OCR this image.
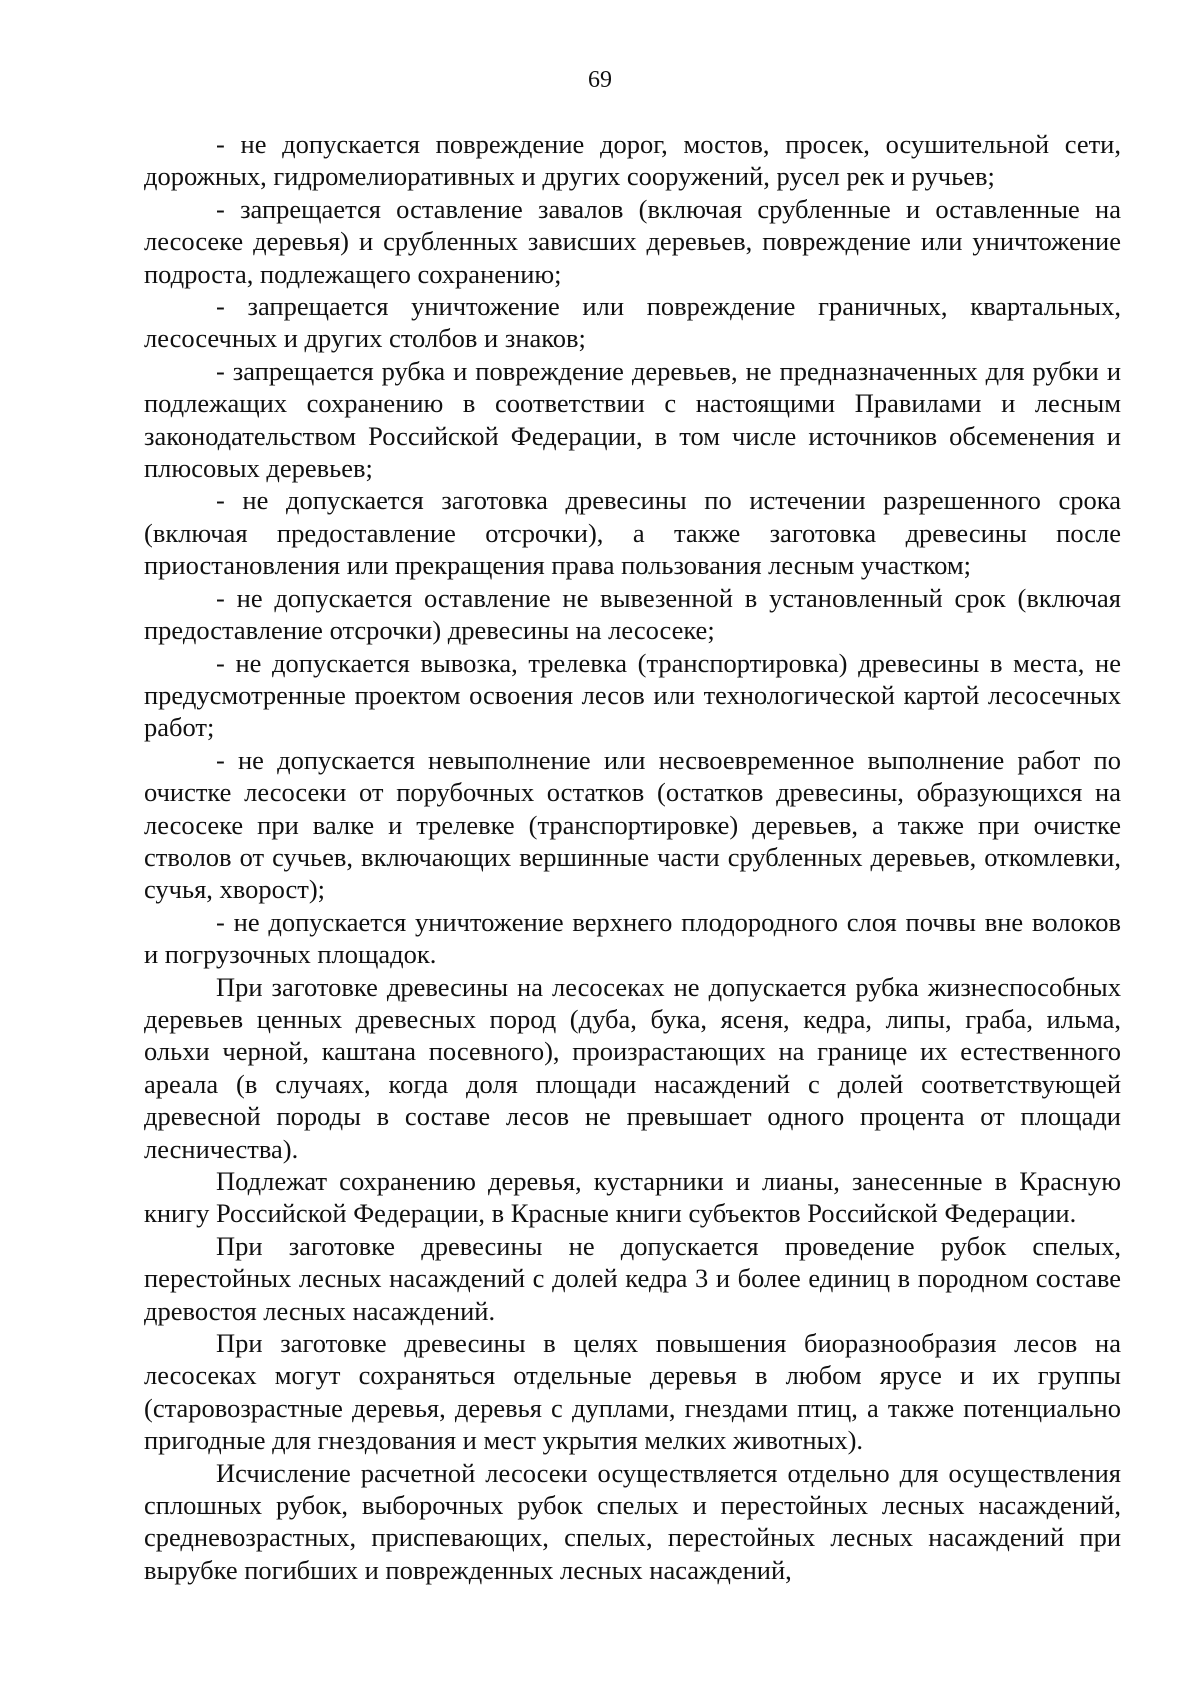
69

- не допускается повреждение дорог, мостов, просек, осушительной сети, дорожных, гидромелиоративных и других сооружений, русел рек и ручьев;

- запрещается оставление завалов (включая срубленные и оставленные на лесосеке деревья) и срубленных зависших деревьев, повреждение или уничтожение подроста, подлежащего сохранению;

- запрещается уничтожение или повреждение граничных, квартальных, лесосечных и других столбов и знаков;

- запрещается рубка и повреждение деревьев, не предназначенных для рубки и подлежащих сохранению в соответствии с настоящими Правилами и лесным законодательством Российской Федерации, в том числе источников обсеменения и плюсовых деревьев;

- не допускается заготовка древесины по истечении разрешенного срока (включая предоставление отсрочки), а также заготовка древесины после приостановления или прекращения права пользования лесным участком;

- не допускается оставление не вывезенной в установленный срок (включая предоставление отсрочки) древесины на лесосеке;

- не допускается вывозка, трелевка (транспортировка) древесины в места, не предусмотренные проектом освоения лесов или технологической картой лесосечных работ;

- не допускается невыполнение или несвоевременное выполнение работ по очистке лесосеки от порубочных остатков (остатков древесины, образующихся на лесосеке при валке и трелевке (транспортировке) деревьев, а также при очистке стволов от сучьев, включающих вершинные части срубленных деревьев, откомлевки, сучья, хворост);

- не допускается уничтожение верхнего плодородного слоя почвы вне волоков и погрузочных площадок.

При заготовке древесины на лесосеках не допускается рубка жизнеспособных деревьев ценных древесных пород (дуба, бука, ясеня, кедра, липы, граба, ильма, ольхи черной, каштана посевного), произрастающих на границе их естественного ареала (в случаях, когда доля площади насаждений с долей соответствующей древесной породы в составе лесов не превышает одного процента от площади лесничества).

Подлежат сохранению деревья, кустарники и лианы, занесенные в Красную книгу Российской Федерации, в Красные книги субъектов Российской Федерации.

При заготовке древесины не допускается проведение рубок спелых, перестойных лесных насаждений с долей кедра 3 и более единиц в породном составе древостоя лесных насаждений.

При заготовке древесины в целях повышения биоразнообразия лесов на лесосеках могут сохраняться отдельные деревья в любом ярусе и их группы (старовозрастные деревья, деревья с дуплами, гнездами птиц, а также потенциально пригодные для гнездования и мест укрытия мелких животных).

Исчисление расчетной лесосеки осуществляется отдельно для осуществления сплошных рубок, выборочных рубок спелых и перестойных лесных насаждений, средневозрастных, приспевающих, спелых, перестойных лесных насаждений при вырубке погибших и поврежденных лесных насаждений,
